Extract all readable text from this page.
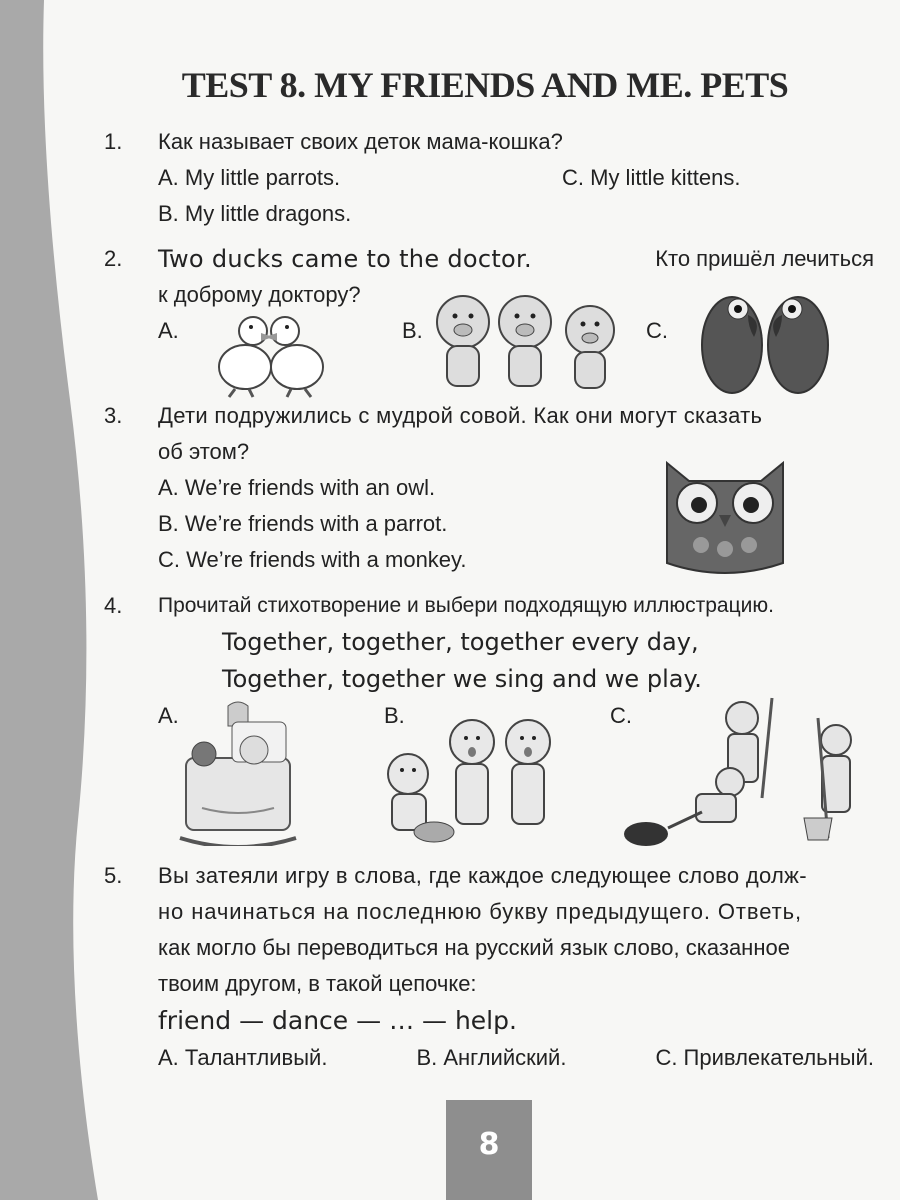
TEST 8. MY FRIENDS AND ME. PETS
1.	Как называет своих деток мама-кошка?
A. My little parrots.	C. My little kittens.
B. My little dragons.
2.	Two ducks came to the doctor.	Кто пришёл лечиться
к доброму доктору?
A.	B.	C.
3.	Дети подружились с мудрой совой. Как они могут сказать
об этом?
A. We’re friends with an owl.
B. We’re friends with a parrot.
C. We’re friends with a monkey.
4.	Прочитай стихотворение и выбери подходящую иллюстрацию.
Together, together, together every day,
Together, together we sing and we play.
A.	B.	C.
5.	Вы затеяли игру в слова, где каждое следующее слово долж-
но начинаться на последнюю букву предыдущего. Ответь,
как могло бы переводиться на русский язык слово, сказанное
твоим другом, в такой цепочке:
friend — dance — … — help.
A. Талантливый.	B. Английский.	C. Привлекательный.
8
